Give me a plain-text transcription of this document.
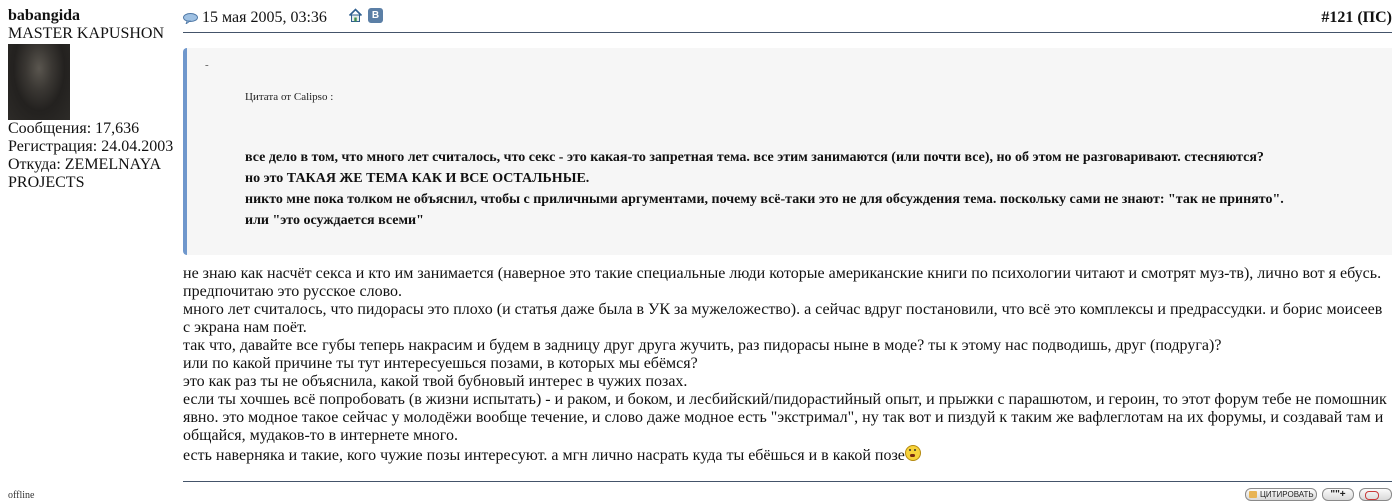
babangida
MASTER KAPUSHON
Сообщения: 17,636
Регистрация: 24.04.2003
Откуда: ZEMELNAYA PROJECTS
offline
15 мая 2005, 03:36	В	#121 (ПС)
-
Цитата от Calipso :
все дело в том, что много лет считалось, что секс - это какая-то запретная тема. все этим занимаются (или почти все), но об этом не разговаривают. стесняются?
но это ТАКАЯ ЖЕ ТЕМА КАК И ВСЕ ОСТАЛЬНЫЕ.
никто мне пока толком не объяснил, чтобы с приличными аргументами, почему всё-таки это не для обсуждения тема. поскольку сами не знают: "так не принято".
или "это осуждается всеми"

не знаю как насчёт секса и кто им занимается (наверное это такие специальные люди которые американские книги по психологии читают и смотрят муз-тв), лично вот я ебусь. предпочитаю это русское слово.

много лет считалось, что пидорасы это плохо (и статья даже была в УК за мужеложество). а сейчас вдруг постановили, что всё это комплексы и предрассудки. и борис моисеев с экрана нам поёт.

так что, давайте все губы теперь накрасим и будем в задницу друг друга жучить, раз пидорасы ныне в моде? ты к этому нас подводишь, друг (подруга)?

или по какой причине ты тут интересуешься позами, в которых мы ебёмся?

это как раз ты не объяснила, какой твой бубновый интерес в чужих позах.

если ты хочшеь всё попробовать (в жизни испытать) - и раком, и боком, и лесбийский/пидорастийный опыт, и прыжки с парашютом, и героин, то этот форум тебе не помошник явно. это модное такое сейчас у молодёжи вообще течение, и слово даже модное есть "экстримал", ну так вот и пиздуй к таким же вафлеглотам на их форумы, и создавай там и общайся, мудаков-то в интернете много.

есть наверняка и такие, кого чужие позы интересуют. а мгн лично насрать куда ты ебёшься и в какой позе

ЦИТИРОВАТЬ	""+
